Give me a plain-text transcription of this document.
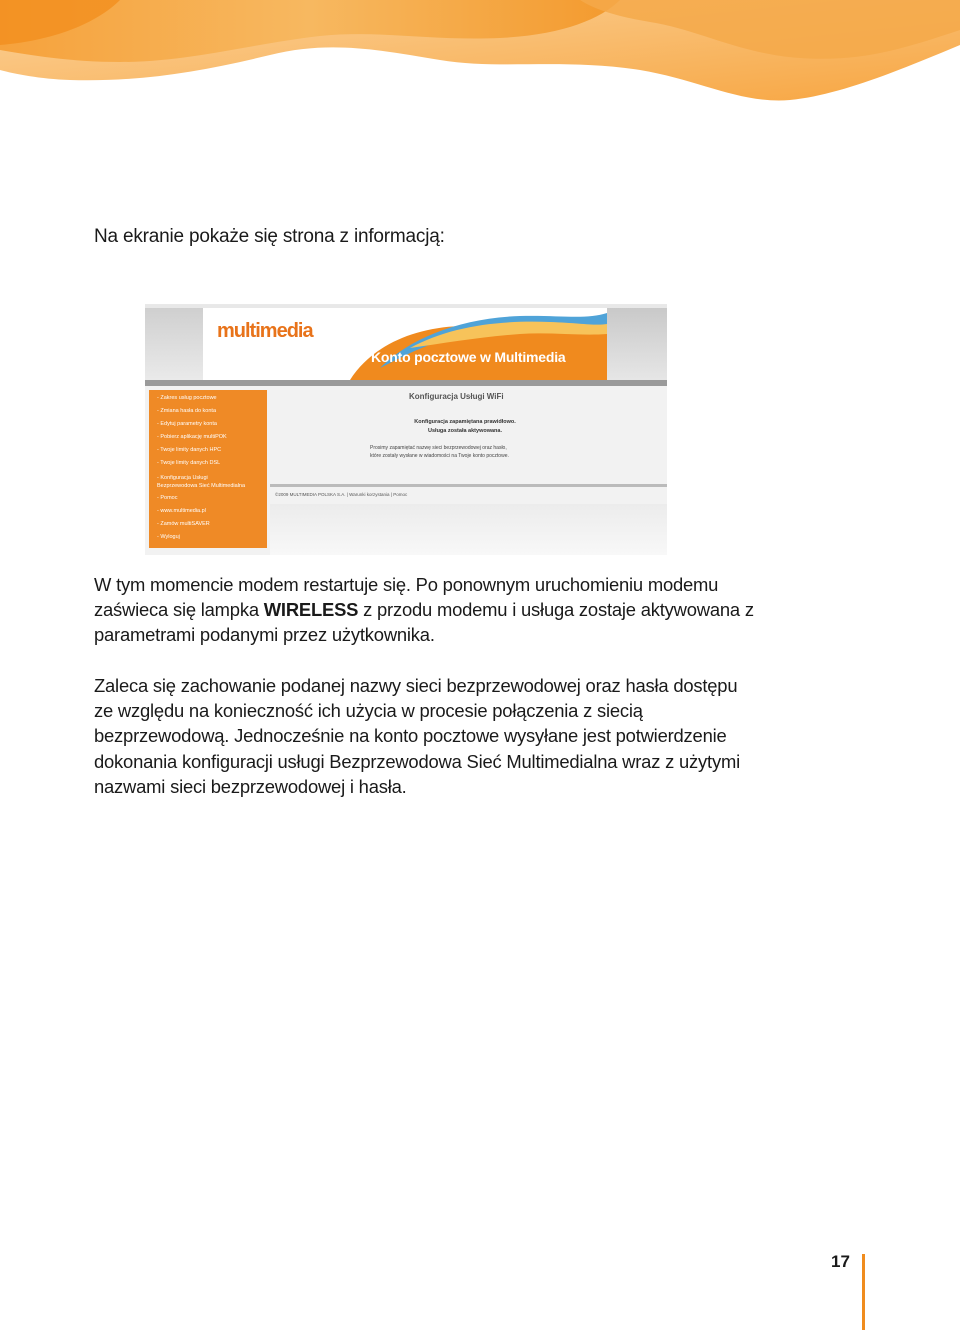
Na ekranie pokaże się strona z informacją:
multimedia
Konto pocztowe w Multimedia
- Zakres usług pocztowe
- Zmiana hasła do konta
- Edytuj parametry konta
- Pobierz aplikację multiPOK
- Twoje limity danych HPC
- Twoje limity danych DSL
- Konfiguracja Usługi
Bezprzewodowa Sieć Multimedialna
- Pomoc
- www.multimedia.pl
- Zamów multiSAVER
- Wyloguj
Konfiguracja Usługi WiFi
Konfiguracja zapamiętana prawidłowo.
Usługa została aktywowana.
Prosimy zapamiętać nazwę sieci bezprzewodowej oraz hasło,
które zostały wysłane w wiadomości na Twoje konto pocztowe.
©2009 MULTIMEDIA POLSKA S.A. | Warunki korzystania | Pomoc

W tym momencie modem restartuje się. Po ponownym uruchomieniu modemu zaświeca się lampka WIRELESS z przodu modemu i usługa zostaje aktywowana z parametrami podanymi przez użytkownika.

Zaleca się zachowanie podanej nazwy sieci bezprzewodowej oraz hasła dostępu ze względu na konieczność ich użycia w procesie połączenia z siecią bezprzewodową. Jednocześnie na konto pocztowe wysyłane jest potwierdzenie dokonania konfiguracji usługi Bezprzewodowa Sieć Multimedialna wraz z użytymi nazwami sieci bezprzewodowej i hasła.

17
